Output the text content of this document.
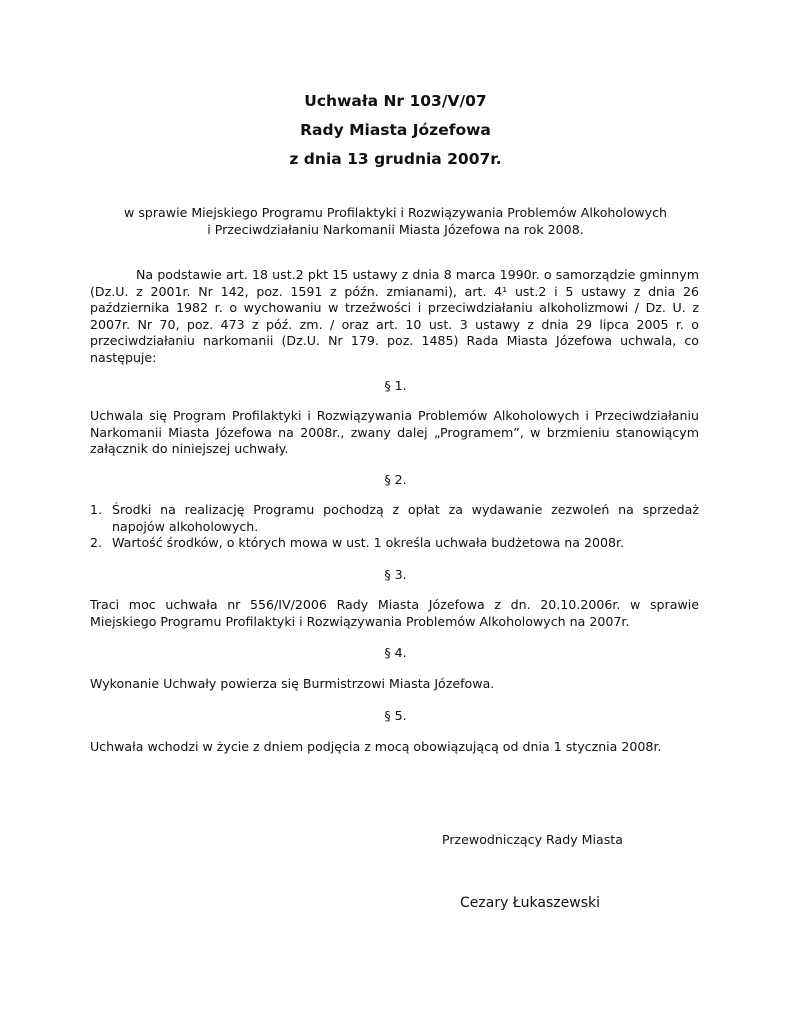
Uchwała Nr 103/V/07
Rady Miasta Józefowa
z dnia 13 grudnia 2007r.
w sprawie Miejskiego Programu Profilaktyki i Rozwiązywania Problemów Alkoholowych
i Przeciwdziałaniu Narkomanii Miasta Józefowa na rok 2008.
Na podstawie art. 18 ust.2 pkt 15 ustawy z dnia 8 marca 1990r. o samorządzie gminnym (Dz.U. z 2001r. Nr 142, poz. 1591 z późn. zmianami), art. 4¹ ust.2 i 5 ustawy z dnia 26 października 1982 r. o wychowaniu w trzeźwości i przeciwdziałaniu alkoholizmowi / Dz. U. z 2007r. Nr 70, poz. 473 z póź. zm. / oraz art. 10 ust. 3 ustawy z dnia 29 lipca 2005 r. o przeciwdziałaniu narkomanii (Dz.U. Nr 179. poz. 1485) Rada Miasta Józefowa uchwala, co następuje:
§ 1.
Uchwala się Program Profilaktyki i Rozwiązywania Problemów Alkoholowych i Przeciwdziałaniu Narkomanii Miasta Józefowa na 2008r., zwany dalej „Programem”, w brzmieniu stanowiącym załącznik do niniejszej uchwały.
§ 2.
1. Środki na realizację Programu pochodzą z opłat za wydawanie zezwoleń na sprzedaż napojów alkoholowych.
2. Wartość środków, o których mowa w ust. 1 określa uchwała budżetowa na 2008r.
§ 3.
Traci moc uchwała nr 556/IV/2006 Rady Miasta Józefowa z dn. 20.10.2006r. w sprawie Miejskiego Programu Profilaktyki i Rozwiązywania Problemów Alkoholowych na 2007r.
§ 4.
Wykonanie Uchwały powierza się Burmistrzowi Miasta Józefowa.
§ 5.
Uchwała wchodzi w życie z dniem podjęcia z mocą obowiązującą od dnia 1 stycznia 2008r.
Przewodniczący Rady Miasta
Cezary Łukaszewski
